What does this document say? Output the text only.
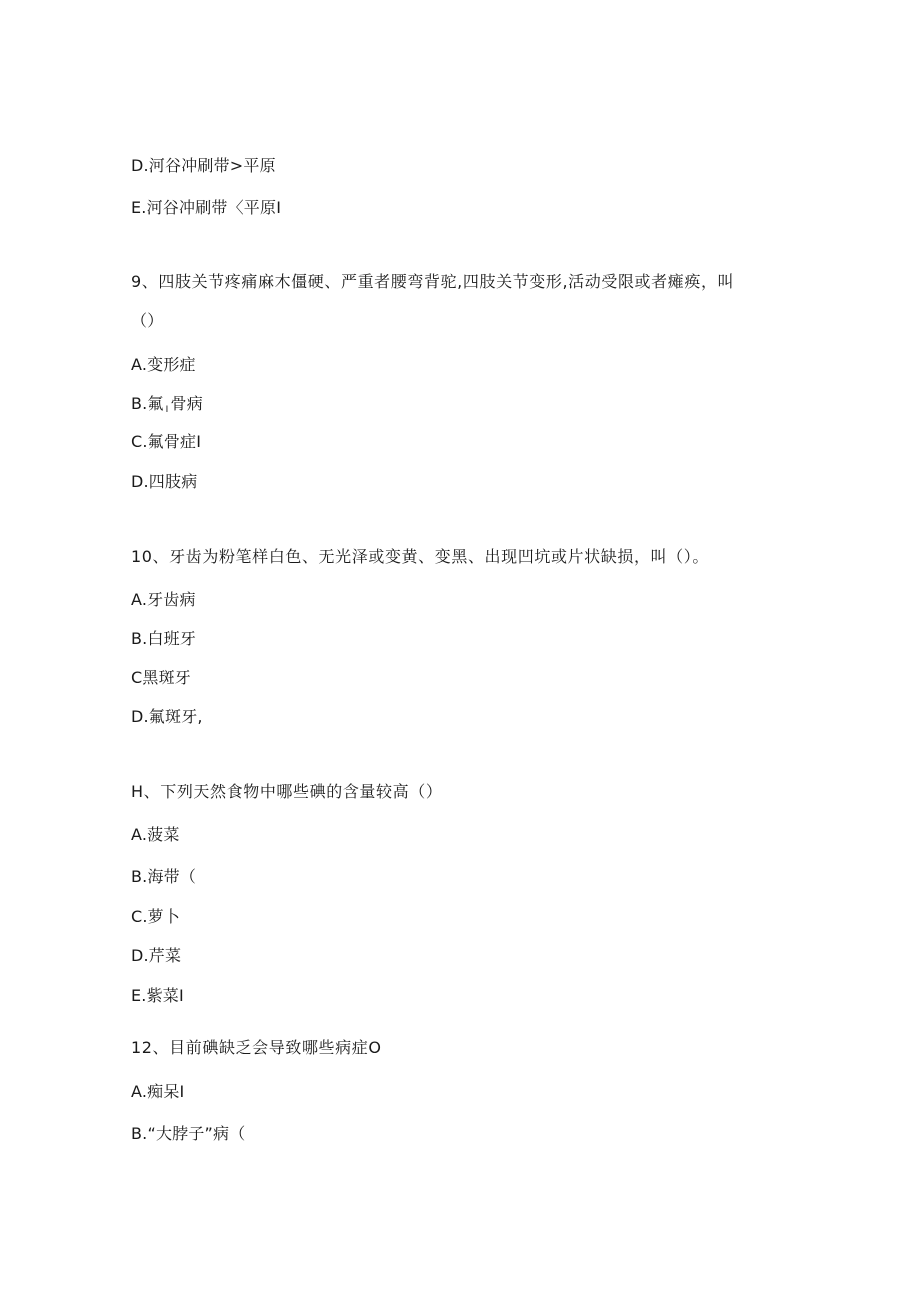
D.河谷冲刷带>平原
E.河谷冲刷带〈平原I
9、四肢关节疼痛麻木僵硬、严重者腰弯背驼,四肢关节变形,活动受限或者瘫痪，叫
（）
A.变形症
B.氟 $_I$ 骨病
C.氟骨症I
D.四肢病
10、牙齿为粉笔样白色、无光泽或变黄、变黑、出现凹坑或片状缺损，叫（）。
A.牙齿病
B.白班牙
C黑斑牙
D.氟斑牙,
H、下列天然食物中哪些碘的含量较高（）
A.菠菜
B.海带（
C.萝卜
D.芹菜
E.紫菜I
12、目前碘缺乏会导致哪些病症O
A.痴呆I
B.“大脖子”病（
